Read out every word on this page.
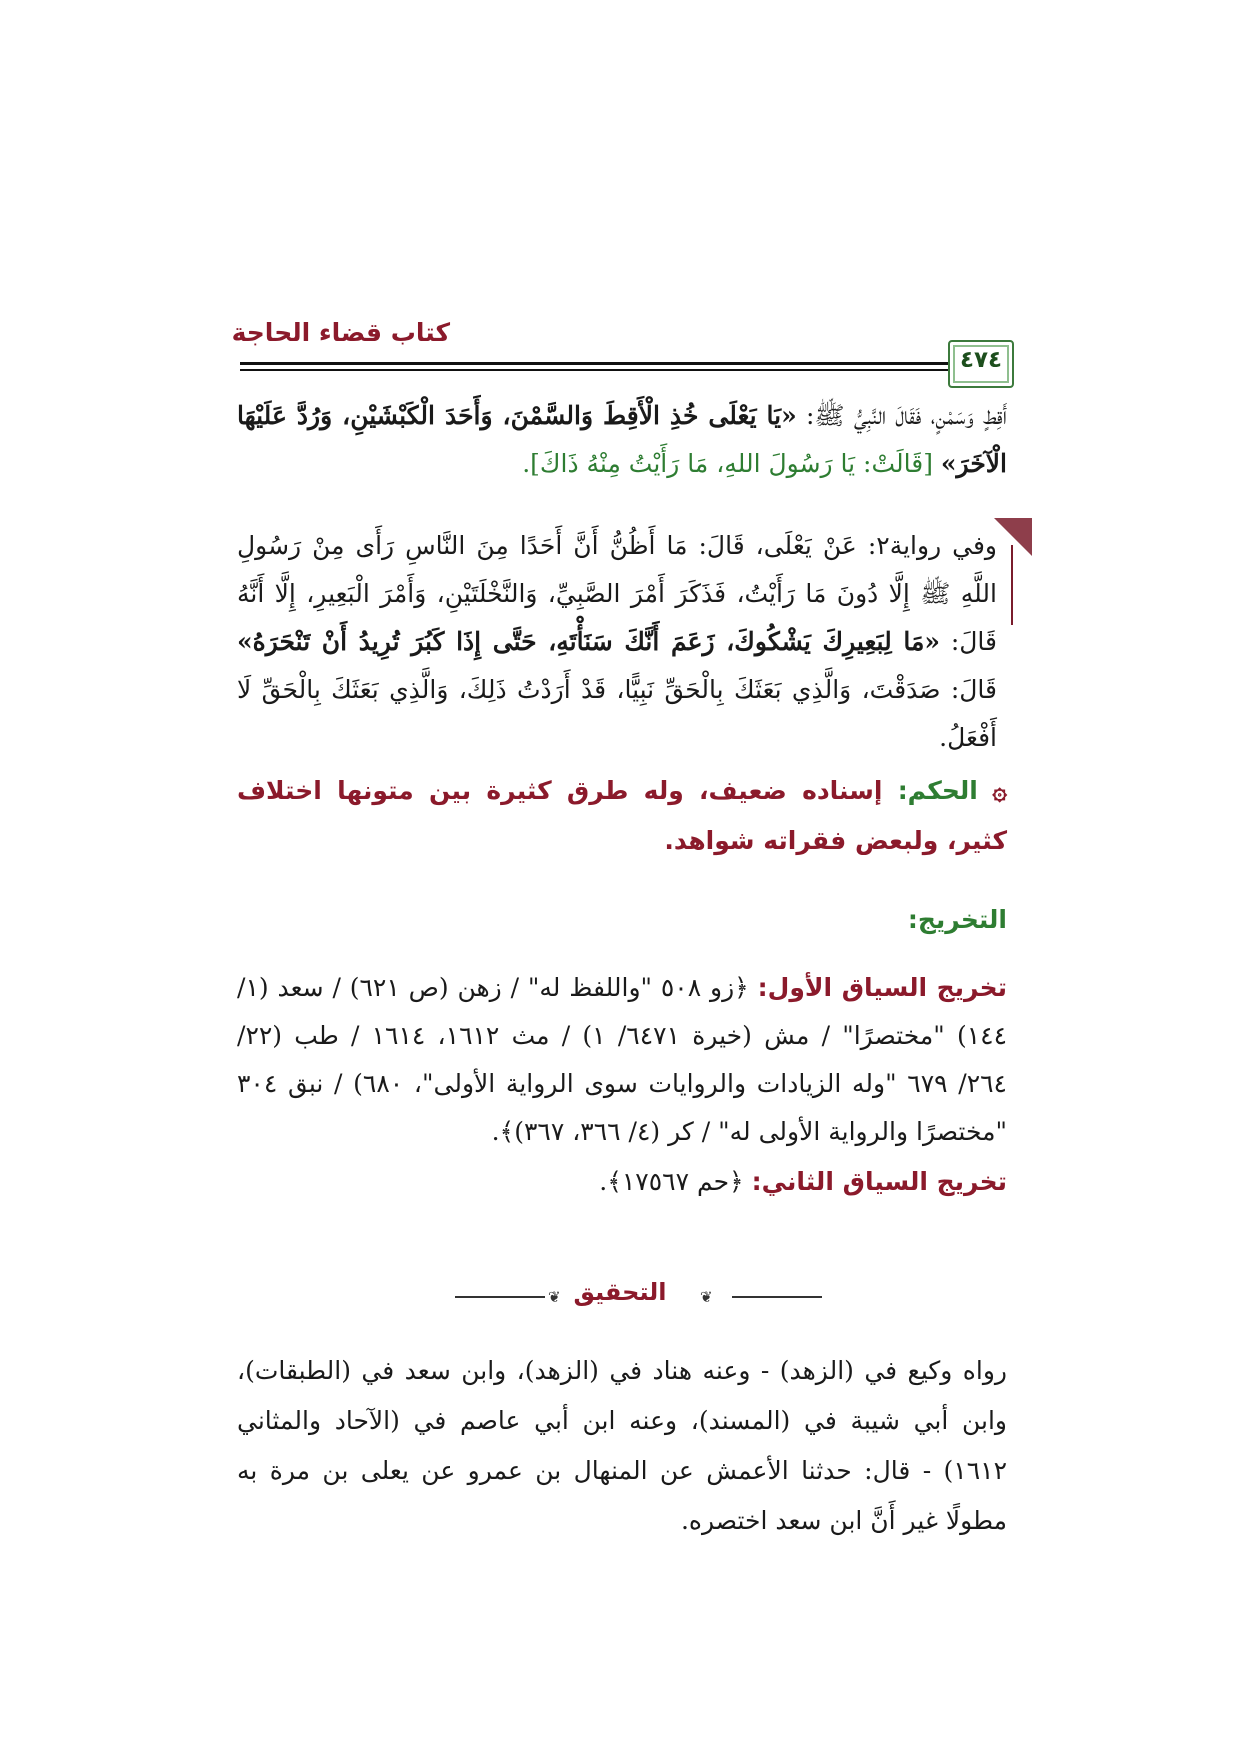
كتاب قضاء الحاجة
٤٧٤
أَقِطٍ وَسَمْنٍ، فَقَالَ النَّبِيُّ ﷺ: «يَا يَعْلَى خُذِ الْأَقِطَ وَالسَّمْنَ، وَأَحَدَ الْكَبْشَيْنِ، وَرُدَّ عَلَيْهَا الْآخَرَ» [قَالَتْ: يَا رَسُولَ اللهِ، مَا رَأَيْتُ مِنْهُ ذَاكَ].
وفي رواية٢: عَنْ يَعْلَى، قَالَ: مَا أَظُنُّ أَنَّ أَحَدًا مِنَ النَّاسِ رَأَى مِنْ رَسُولِ اللَّهِ ﷺ إِلَّا دُونَ مَا رَأَيْتُ، فَذَكَرَ أَمْرَ الصَّبِيِّ، وَالنَّخْلَتَيْنِ، وَأَمْرَ الْبَعِيرِ، إِلَّا أَنَّهُ قَالَ: «مَا لِبَعِيرِكَ يَشْكُوكَ، زَعَمَ أَنَّكَ سَنَأْتَهِ، حَتَّى إِذَا كَبُرَ تُرِيدُ أَنْ تَنْحَرَهُ» قَالَ: صَدَقْتَ، وَالَّذِي بَعَثَكَ بِالْحَقِّ نَبِيًّا، قَدْ أَرَدْتُ ذَلِكَ، وَالَّذِي بَعَثَكَ بِالْحَقِّ لَا أَفْعَلُ.
۞ الحكم: إسناده ضعيف، وله طرق كثيرة بين متونها اختلاف كثير، ولبعض فقراته شواهد.
التخريج:
تخريج السياق الأول: ﴿زو ٥٠٨ "واللفظ له" / زهن (ص ٦٢١) / سعد (١/ ١٤٤) "مختصرًا" / مش (خيرة ٦٤٧١/ ١) / مث ١٦١٢، ١٦١٤ / طب (٢٢/ ٢٦٤/ ٦٧٩ "وله الزيادات والروايات سوى الرواية الأولى"، ٦٨٠) / نبق ٣٠٤ "مختصرًا والرواية الأولى له" / كر (٤/ ٣٦٦، ٣٦٧)﴾.
تخريج السياق الثاني: ﴿حم ١٧٥٦٧﴾.
❦	❦
التحقيق
رواه وكيع في (الزهد) - وعنه هناد في (الزهد)، وابن سعد في (الطبقات)، وابن أبي شيبة في (المسند)، وعنه ابن أبي عاصم في (الآحاد والمثاني ١٦١٢) - قال: حدثنا الأعمش عن المنهال بن عمرو عن يعلى بن مرة به مطولًا غير أَنَّ ابن سعد اختصره.
